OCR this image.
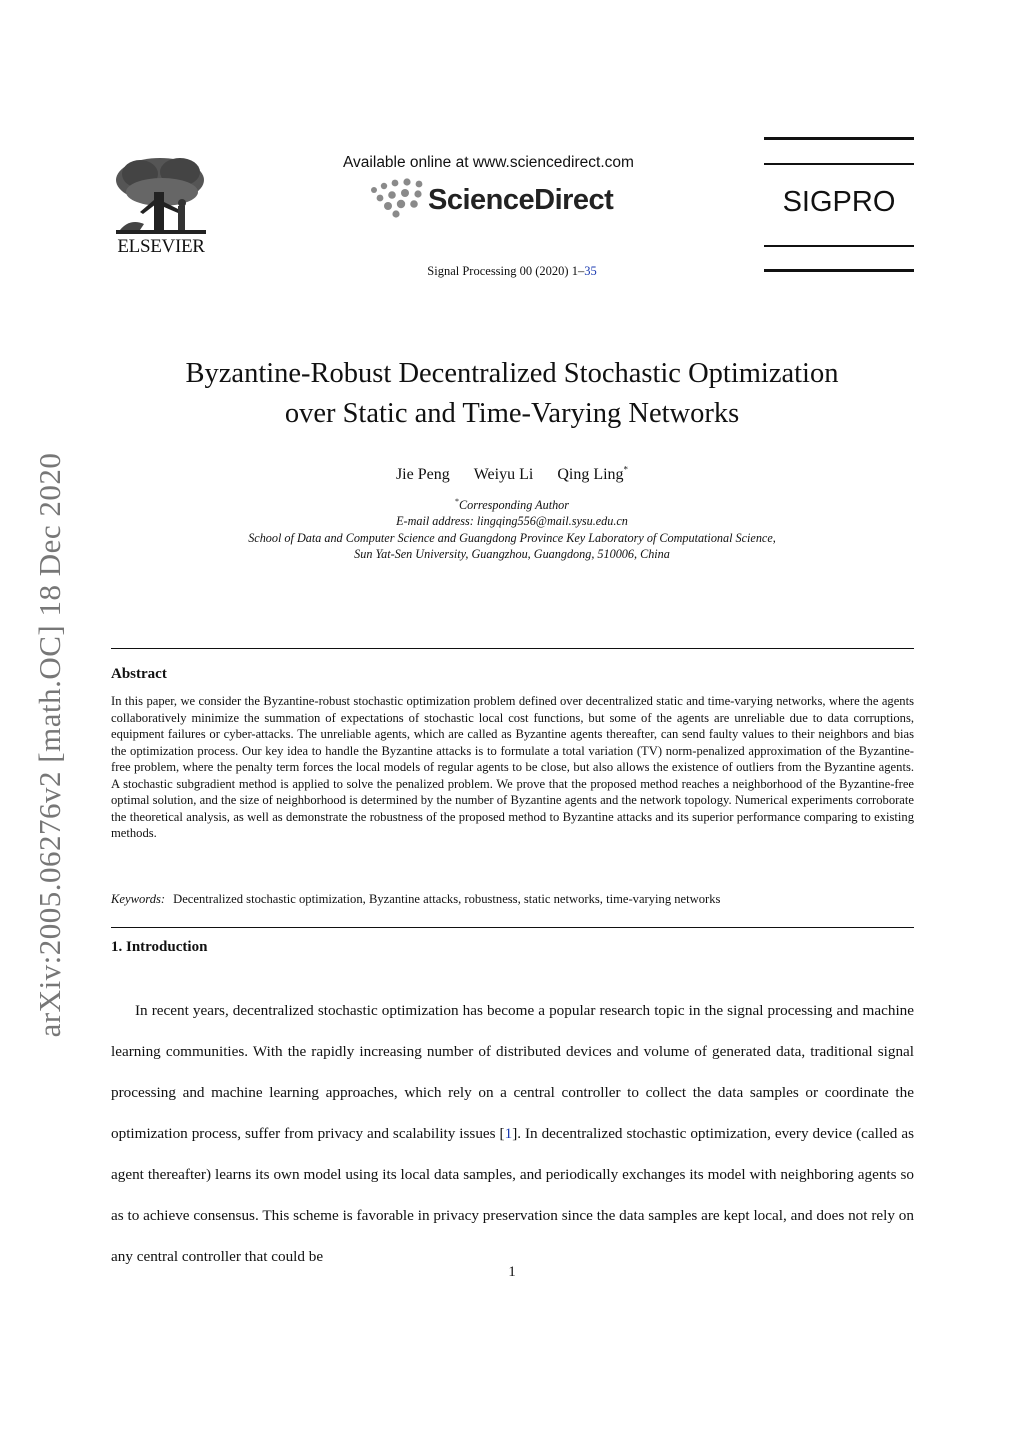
arXiv:2005.06276v2 [math.OC] 18 Dec 2020
ELSEVIER
Available online at www.sciencedirect.com
ScienceDirect
Signal Processing 00 (2020) 1–35
SIGPRO
Byzantine-Robust Decentralized Stochastic Optimization
over Static and Time-Varying Networks
Jie Peng Weiyu Li Qing Ling*
*Corresponding Author
E-mail address: lingqing556@mail.sysu.edu.cn
School of Data and Computer Science and Guangdong Province Key Laboratory of Computational Science,
Sun Yat-Sen University, Guangzhou, Guangdong, 510006, China
Abstract
In this paper, we consider the Byzantine-robust stochastic optimization problem defined over decentralized static and time-varying networks, where the agents collaboratively minimize the summation of expectations of stochastic local cost functions, but some of the agents are unreliable due to data corruptions, equipment failures or cyber-attacks. The unreliable agents, which are called as Byzantine agents thereafter, can send faulty values to their neighbors and bias the optimization process. Our key idea to handle the Byzantine attacks is to formulate a total variation (TV) norm-penalized approximation of the Byzantine-free problem, where the penalty term forces the local models of regular agents to be close, but also allows the existence of outliers from the Byzantine agents. A stochastic subgradient method is applied to solve the penalized problem. We prove that the proposed method reaches a neighborhood of the Byzantine-free optimal solution, and the size of neighborhood is determined by the number of Byzantine agents and the network topology. Numerical experiments corroborate the theoretical analysis, as well as demonstrate the robustness of the proposed method to Byzantine attacks and its superior performance comparing to existing methods.
Keywords: Decentralized stochastic optimization, Byzantine attacks, robustness, static networks, time-varying networks
1. Introduction
In recent years, decentralized stochastic optimization has become a popular research topic in the signal processing and machine learning communities. With the rapidly increasing number of distributed devices and volume of generated data, traditional signal processing and machine learning approaches, which rely on a central controller to collect the data samples or coordinate the optimization process, suffer from privacy and scalability issues [1]. In decentralized stochastic optimization, every device (called as agent thereafter) learns its own model using its local data samples, and periodically exchanges its model with neighboring agents so as to achieve consensus. This scheme is favorable in privacy preservation since the data samples are kept local, and does not rely on any central controller that could be
1
